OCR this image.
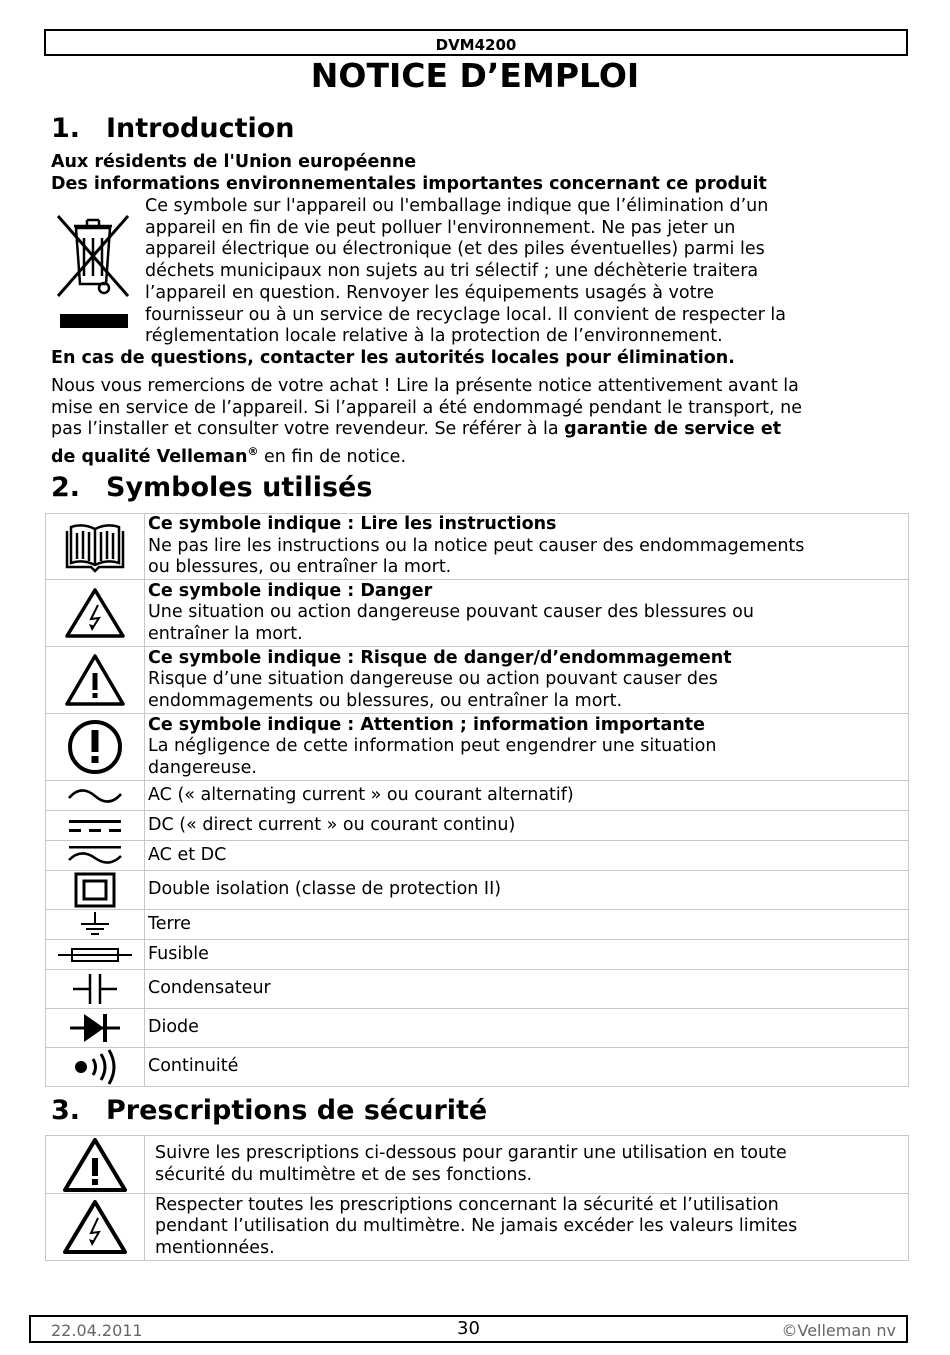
DVM4200
NOTICE D’EMPLOI
1. Introduction
Aux résidents de l'Union européenne
Des informations environnementales importantes concernant ce produit
Ce symbole sur l'appareil ou l'emballage indique que l’élimination d’un
appareil en fin de vie peut polluer l'environnement. Ne pas jeter un
appareil électrique ou électronique (et des piles éventuelles) parmi les
déchets municipaux non sujets au tri sélectif ; une déchèterie traitera
l’appareil en question. Renvoyer les équipements usagés à votre
fournisseur ou à un service de recyclage local. Il convient de respecter la
réglementation locale relative à la protection de l’environnement.
En cas de questions, contacter les autorités locales pour élimination.
Nous vous remercions de votre achat ! Lire la présente notice attentivement avant la
mise en service de l’appareil. Si l’appareil a été endommagé pendant le transport, ne
pas l’installer et consulter votre revendeur. Se référer à la garantie de service et
de qualité Velleman® en fin de notice.
2. Symboles utilisés

Ce symbole indique : Lire les instructions
Ne pas lire les instructions ou la notice peut causer des endommagements
ou blessures, ou entraîner la mort.

Ce symbole indique : Danger
Une situation ou action dangereuse pouvant causer des blessures ou
entraîner la mort.

Ce symbole indique : Risque de danger/d’endommagement
Risque d’une situation dangereuse ou action pouvant causer des
endommagements ou blessures, ou entraîner la mort.

Ce symbole indique : Attention ; information importante
La négligence de cette information peut engendrer une situation
dangereuse.

	AC (« alternating current » ou courant alternatif)

	DC (« direct current » ou courant continu)

	AC et DC

	Double isolation (classe de protection II)

	Terre

	Fusible

	Condensateur

	Diode

	Continuité
3. Prescriptions de sécurité

Suivre les prescriptions ci-dessous pour garantir une utilisation en toute
sécurité du multimètre et de ses fonctions.

Respecter toutes les prescriptions concernant la sécurité et l’utilisation
pendant l’utilisation du multimètre. Ne jamais excéder les valeurs limites
mentionnées.
22.04.2011	30	©Velleman nv
